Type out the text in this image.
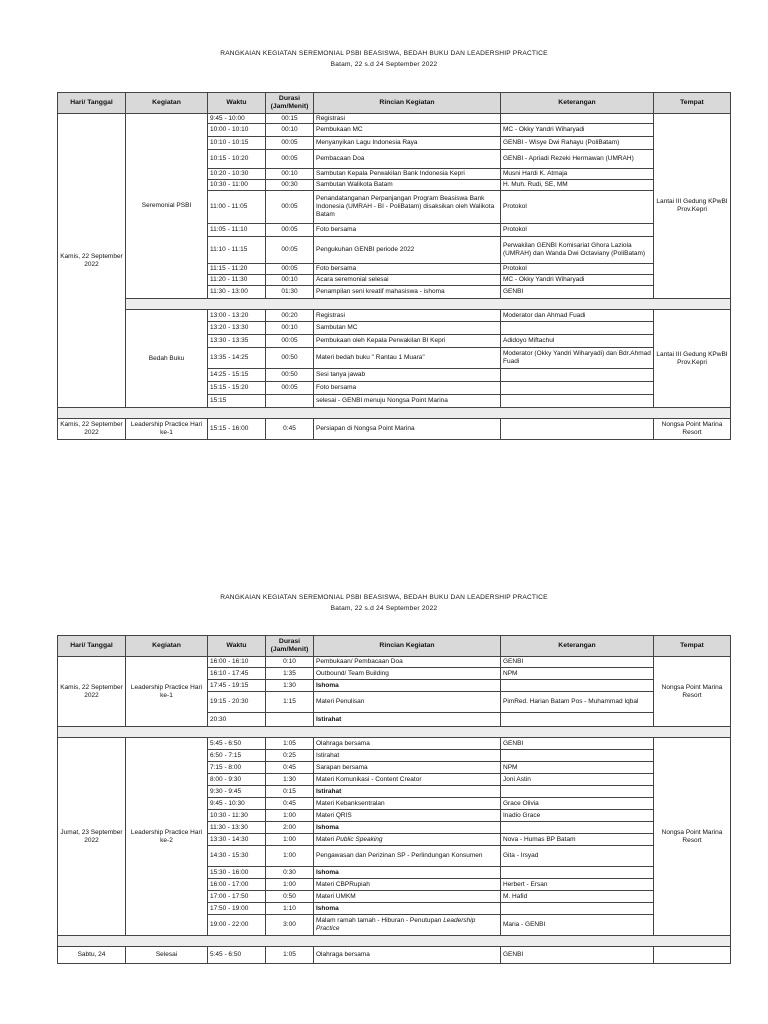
RANGKAIAN KEGIATAN SEREMONIAL PSBI BEASISWA, BEDAH BUKU DAN LEADERSHIP PRACTICE
Batam, 22 s.d 24 September 2022
Hari/ Tanggal	Kegiatan	Waktu	Durasi (Jam/Menit)	Rincian Kegiatan	Keterangan	Tempat
Kamis, 22 September 2022	Seremonial PSBI	9:45 - 10:00	00:15	Registrasi		Lantai III Gedung KPwBI Prov.Kepri
		10:00 - 10:10	00:10	Pembukaan MC	MC - Okky Yandri Wiharyadi	
		10:10 - 10:15	00:05	Menyanyikan Lagu Indonesia Raya	GENBI - Wisye Dwi Rahayu (PoliBatam)	
		10:15 - 10:20	00:05	Pembacaan Doa	GENBI - Apriadi Rezeki Hermawan (UMRAH)	
		10:20 - 10:30	00:10	Sambutan Kepala Perwakilan Bank Indonesia Kepri	Musni Hardi K. Atmaja	
		10:30 - 11:00	00:30	Sambutan Walikota Batam	H. Muh. Rudi, SE, MM	
		11:00 - 11:05	00:05	Penandatanganan Perpanjangan Program Beasiswa Bank Indonesia (UMRAH - BI - PoliBatam) disaksikan oleh Walikota Batam	Protokol	
		11:05 - 11:10	00:05	Foto bersama	Protokol	
		11:10 - 11:15	00:05	Pengukuhan GENBI periode 2022	Perwakilan GENBI Komisariat Ghora Laziola (UMRAH) dan Wanda Dwi Octaviany (PoliBatam)	
		11:15 - 11:20	00:05	Foto bersama	Protokol	
		11:20 - 11:30	00:10	Acara seremonial selesai	MC - Okky Yandri Wiharyadi	
		11:30 - 13:00	01:30	Penampilan seni kreatif mahasiswa - ishoma	GENBI	

	Bedah Buku	13:00 - 13:20	00:20	Registrasi	Moderator dan Ahmad Fuadi	Lantai III Gedung KPwBI Prov.Kepri
		13:20 - 13:30	00:10	Sambutan MC		
		13:30 - 13:35	00:05	Pembukaan oleh Kepala Perwakilan BI Kepri	Adidoyo Miftachul	
		13:35 - 14:25	00:50	Materi bedah buku " Rantau 1 Muara"	Moderator (Okky Yandri Wiharyadi) dan Bdr.Ahmad Fuadi	
		14:25 - 15:15	00:50	Sesi tanya jawab		
		15:15 - 15:20	00:05	Foto bersama		
		15:15		selesai - GENBI menuju Nongsa Point Marina		

Kamis, 22 September 2022	Leadership Practice Hari ke-1	15:15 - 16:00	0:45	Persiapan di Nongsa Point Marina		Nongsa Point Marina Resort
RANGKAIAN KEGIATAN SEREMONIAL PSBI BEASISWA, BEDAH BUKU DAN LEADERSHIP PRACTICE
Batam, 22 s.d 24 September 2022
Hari/ Tanggal	Kegiatan	Waktu	Durasi (Jam/Menit)	Rincian Kegiatan	Keterangan	Tempat
Kamis, 22 September 2022	Leadership Practice Hari ke-1	16:00 - 16:10	0:10	Pembukaan/ Pembacaan Doa	GENBI	Nongsa Point Marina Resort
		16:10 - 17:45	1:35	Outbound/ Team Building	NPM	
		17:45 - 19:15	1:30	Ishoma		
		19:15 - 20:30	1:15	Materi Penulisan	PimRed. Harian Batam Pos - Muhammad Iqbal	
		20:30		Istirahat		

Jumat, 23 September 2022	Leadership Practice Hari ke-2	5:45 - 6:50	1:05	Olahraga bersama	GENBI	Nongsa Point Marina Resort
		6:50 - 7:15	0:25	Istirahat		
		7:15 - 8:00	0:45	Sarapan bersama	NPM	
		8:00 - 9:30	1:30	Materi Komunikasi - Content Creator	Joni Astin	
		9:30 - 9:45	0:15	Istirahat		
		9:45 - 10:30	0:45	Materi Kebanksentralan	Grace Olivia	
		10:30 - 11:30	1:00	Materi QRIS	Inadio Grace	
		11:30 - 13:30	2:00	Ishoma		
		13:30 - 14:30	1:00	Materi Public Speaking	Nova - Humas BP Batam	
		14:30 - 15:30	1:00	Pengawasan dan Perizinan SP - Perlindungan Konsumen	Gita - Irsyad	
		15:30 - 16:00	0:30	Ishoma		
		16:00 - 17:00	1:00	Materi CBPRupiah	Herbert - Ersan	
		17:00 - 17:50	0:50	Materi UMKM	M. Hafid	
		17:50 - 19:00	1:10	Ishoma		
		19:00 - 22:00	3:00	Malam ramah tamah - Hiburan - Penutupan Leadership Practice	Maria - GENBI	

Sabtu, 24	Selesai	5:45 - 6:50	1:05	Olahraga bersama	GENBI	
